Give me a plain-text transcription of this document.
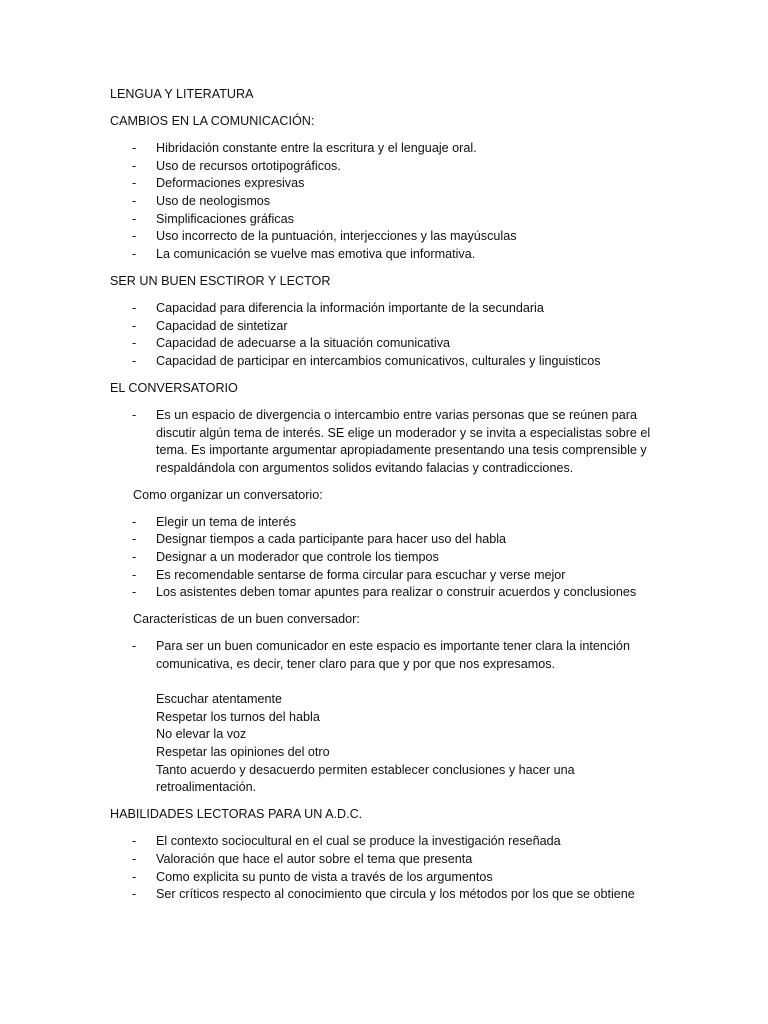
LENGUA Y LITERATURA

CAMBIOS EN LA COMUNICACIÓN:

- Hibridación constante entre la escritura y el lenguaje oral.
- Uso de recursos ortotipográficos.
- Deformaciones expresivas
- Uso de neologismos
- Simplificaciones gráficas
- Uso incorrecto de la puntuación, interjecciones y las mayúsculas
- La comunicación se vuelve mas emotiva que informativa.

SER UN BUEN ESCTIROR Y LECTOR

- Capacidad para diferencia la información importante de la secundaria
- Capacidad de sintetizar
- Capacidad de adecuarse a la situación comunicativa
- Capacidad de participar en intercambios comunicativos, culturales y linguisticos

EL CONVERSATORIO

- Es un espacio de divergencia o intercambio entre varias personas que se reúnen para discutir algún tema de interés. SE elige un moderador y se invita a especialistas sobre el tema. Es importante argumentar apropiadamente presentando una tesis comprensible y respaldándola con argumentos solidos evitando falacias y contradicciones.

Como organizar un conversatorio:

- Elegir un tema de interés
- Designar tiempos a cada participante para hacer uso del habla
- Designar a un moderador que controle los tiempos
- Es recomendable sentarse de forma circular para escuchar y verse mejor
- Los asistentes deben tomar apuntes para realizar o construir acuerdos y conclusiones

Características de un buen conversador:

- Para ser un buen comunicador en este espacio es importante tener clara la intención comunicativa, es decir, tener claro para que y por que nos expresamos.
Escuchar atentamente
Respetar los turnos del habla
No elevar la voz
Respetar las opiniones del otro
Tanto acuerdo y desacuerdo permiten establecer conclusiones y hacer una retroalimentación.

HABILIDADES LECTORAS PARA UN A.D.C.

- El contexto sociocultural en el cual se produce la investigación reseñada
- Valoración que hace el autor sobre el tema que presenta
- Como explicita su punto de vista a través de los argumentos
- Ser críticos respecto al conocimiento que circula y los métodos por los que se obtiene
